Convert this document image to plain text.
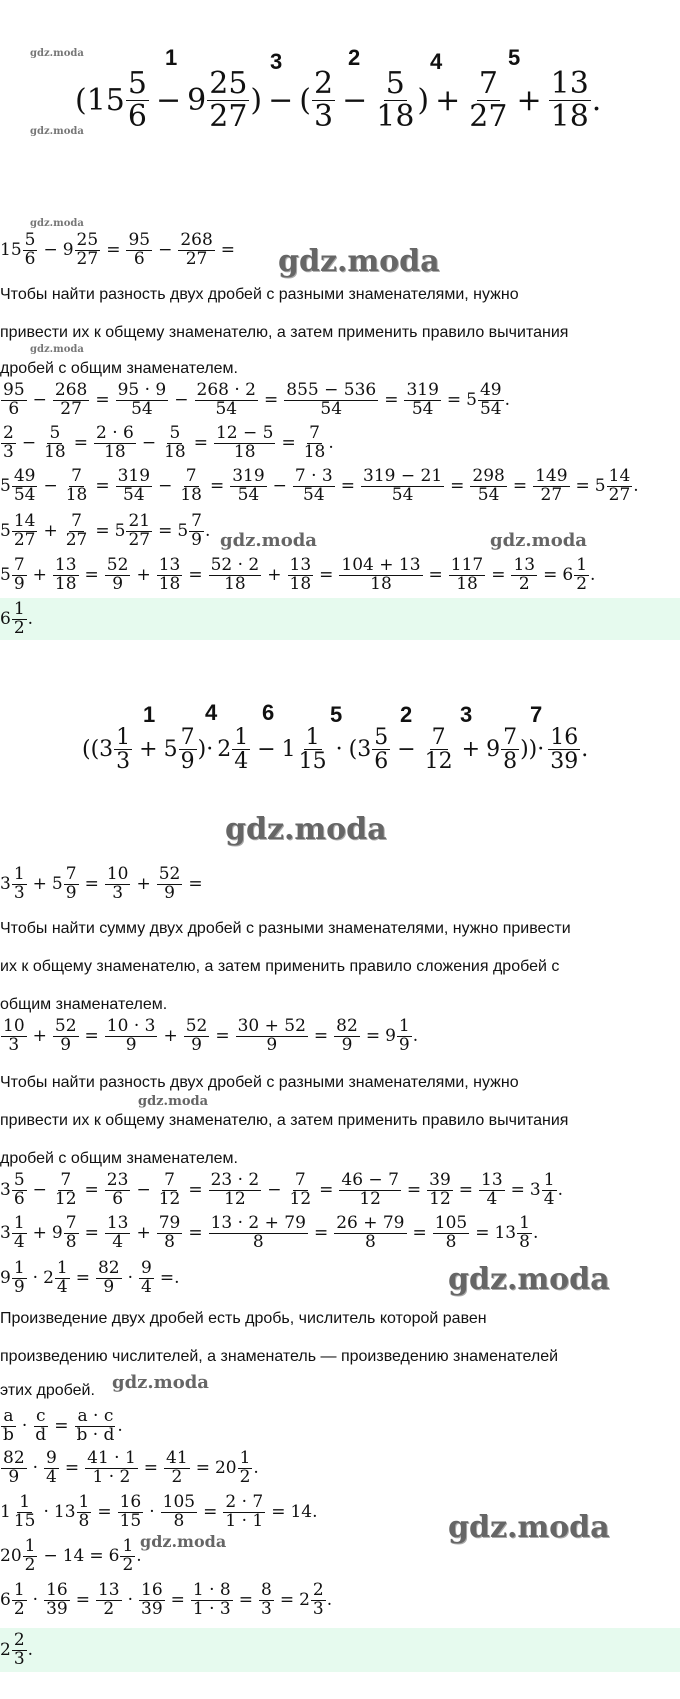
gdz.moda
gdz.moda
1	3	2	4	5
( $15 \frac{5}{6} - 9 \frac{25}{27}$ ) − ( $\frac{2}{3} - \frac{5}{18}$ ) + $\frac{7}{27} + \frac{13}{18}$ .
gdz.moda
gdz.moda
$15 \frac{5}{6} - 9 \frac{25}{27} = \frac{95}{6} - \frac{268}{27}$ =
Чтобы найти разность двух дробей с разными знаменателями, нужно
привести их к общему знаменателю, а затем применить правило вычитания
gdz.moda
дробей с общим знаменателем.
$\frac{95}{6} - \frac{268}{27} = \frac{95 \cdot 9}{54} - \frac{268 \cdot 2}{54} = \frac{855 - 536}{54} = \frac{319}{54} = 5 \frac{49}{54}$ .
$\frac{2}{3} - \frac{5}{18} = \frac{2 \cdot 6}{18} - \frac{5}{18} = \frac{12 - 5}{18} = \frac{7}{18}$ .
$5 \frac{49}{54} - \frac{7}{18} = \frac{319}{54} - \frac{7}{18} = \frac{319}{54} - \frac{7 \cdot 3}{54} = \frac{319 - 21}{54} = \frac{298}{54} = \frac{149}{27} = 5 \frac{14}{27}$ .
$5 \frac{14}{27} + \frac{7}{27} = 5 \frac{21}{27} = 5 \frac{7}{9}$ . gdz.moda	gdz.moda
$5 \frac{7}{9} + \frac{13}{18} = \frac{52}{9} + \frac{13}{18} = \frac{52 \cdot 2}{18} + \frac{13}{18} = \frac{104 + 13}{18} = \frac{117}{18} = \frac{13}{2} = 6 \frac{1}{2}$ .
$6 \frac{1}{2}$ .
1 4 6	5	2 3	7
(( $3 \frac{1}{3} + 5 \frac{7}{9}$ )· $2 \frac{1}{4} - 1 \frac{1}{15}$ · ( $3 \frac{5}{6} - \frac{7}{12} + 9 \frac{7}{8}$ ))· $\frac{16}{39}$ .
gdz.moda
$3 \frac{1}{3} + 5 \frac{7}{9} = \frac{10}{3} + \frac{52}{9}$ =
Чтобы найти сумму двух дробей с разными знаменателями, нужно привести
их к общему знаменателю, а затем применить правило сложения дробей с
общим знаменателем.
$\frac{10}{3} + \frac{52}{9} = \frac{10 \cdot 3}{9} + \frac{52}{9} = \frac{30 + 52}{9} = \frac{82}{9} = 9 \frac{1}{9}$ .
Чтобы найти разность двух дробей с разными знаменателями, нужно
gdz.moda
привести их к общему знаменателю, а затем применить правило вычитания
дробей с общим знаменателем.
$3 \frac{5}{6} - \frac{7}{12} = \frac{23}{6} - \frac{7}{12} = \frac{23 \cdot 2}{12} - \frac{7}{12} = \frac{46 - 7}{12} = \frac{39}{12} = \frac{13}{4} = 3 \frac{1}{4}$ .
$3 \frac{1}{4} + 9 \frac{7}{8} = \frac{13}{4} + \frac{79}{8} = \frac{13 \cdot 2 + 79}{8} = \frac{26 + 79}{8} = \frac{105}{8} = 13 \frac{1}{8}$ .
$9 \frac{1}{9} \cdot 2 \frac{1}{4} = \frac{82}{9} \cdot \frac{9}{4}$ =.	gdz.moda
Произведение двух дробей есть дробь, числитель которой равен
произведению числителей, а знаменатель — произведению знаменателей
этих дробей. gdz.moda
$\frac{a}{b} \cdot \frac{c}{d} = \frac{a \cdot c}{b \cdot d}$ .
$\frac{82}{9} \cdot \frac{9}{4} = \frac{41 \cdot 1}{1 \cdot 2} = \frac{41}{2} = 20 \frac{1}{2}$ .
$1 \frac{1}{15} \cdot 13 \frac{1}{8} = \frac{16}{15} \cdot \frac{105}{8} = \frac{2 \cdot 7}{1 \cdot 1} = 14$ .	gdz.moda
$20 \frac{1}{2} - 14 = 6 \frac{1}{2}$ .
gdz.moda
$6 \frac{1}{2} \cdot \frac{16}{39} = \frac{13}{2} \cdot \frac{16}{39} = \frac{1 \cdot 8}{1 \cdot 3} = \frac{8}{3} = 2 \frac{2}{3}$ .
$2 \frac{2}{3}$ .
